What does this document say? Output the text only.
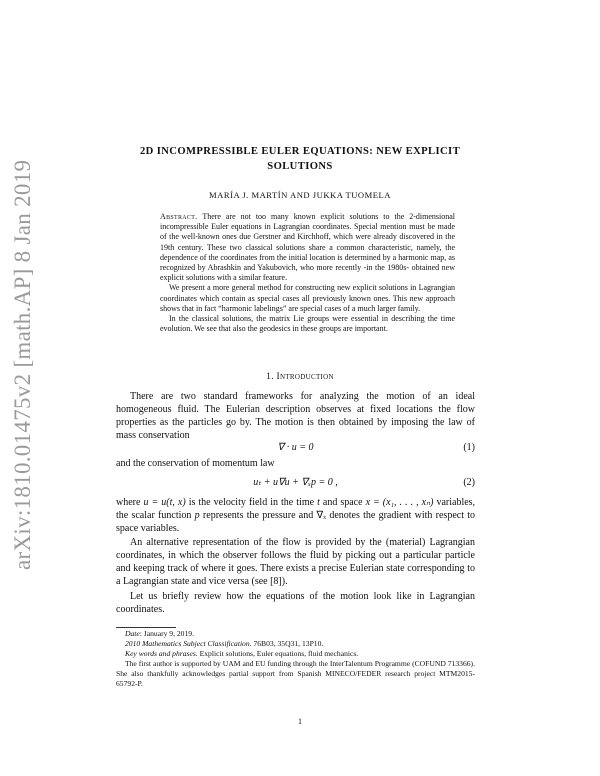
arXiv:1810.01475v2 [math.AP] 8 Jan 2019
2D INCOMPRESSIBLE EULER EQUATIONS: NEW EXPLICIT SOLUTIONS
MARÍA J. MARTÍN AND JUKKA TUOMELA

Abstract. There are not too many known explicit solutions to the 2-dimensional incompressible Euler equations in Lagrangian coordinates. Special mention must be made of the well-known ones due Gerstner and Kirchhoff, which were already discovered in the 19th century. These two classical solutions share a common characteristic, namely, the dependence of the coordinates from the initial location is determined by a harmonic map, as recognized by Abrashkin and Yakubovich, who more recently -in the 1980s- obtained new explicit solutions with a similar feature.

We present a more general method for constructing new explicit solutions in Lagrangian coordinates which contain as special cases all previously known ones. This new approach shows that in fact “harmonic labelings” are special cases of a much larger family.

In the classical solutions, the matrix Lie groups were essential in describing the time evolution. We see that also the geodesics in these groups are important.

1. Introduction

There are two standard frameworks for analyzing the motion of an ideal homogeneous fluid. The Eulerian description observes at fixed locations the flow properties as the particles go by. The motion is then obtained by imposing the law of mass conservation

∇ · u = 0	(1)

and the conservation of momentum law

uₜ + u∇u + ∇ₓp = 0 ,	(2)

where u = u(t, x) is the velocity field in the time t and space x = (x₁, . . . , xₙ) variables, the scalar function p represents the pressure and ∇ₓ denotes the gradient with respect to space variables.

An alternative representation of the flow is provided by the (material) Lagrangian coordinates, in which the observer follows the fluid by picking out a particular particle and keeping track of where it goes. There exists a precise Eulerian state corresponding to a Lagrangian state and vice versa (see [8]).

Let us briefly review how the equations of the motion look like in Lagrangian coordinates.

Date: January 9, 2019.

2010 Mathematics Subject Classification. 76B03, 35Q31, 13P10.

Key words and phrases. Explicit solutions, Euler equations, fluid mechanics.

The first author is supported by UAM and EU funding through the InterTalentum Programme (COFUND 713366). She also thankfully acknowledges partial support from Spanish MINECO/FEDER research project MTM2015-65792-P.

1
